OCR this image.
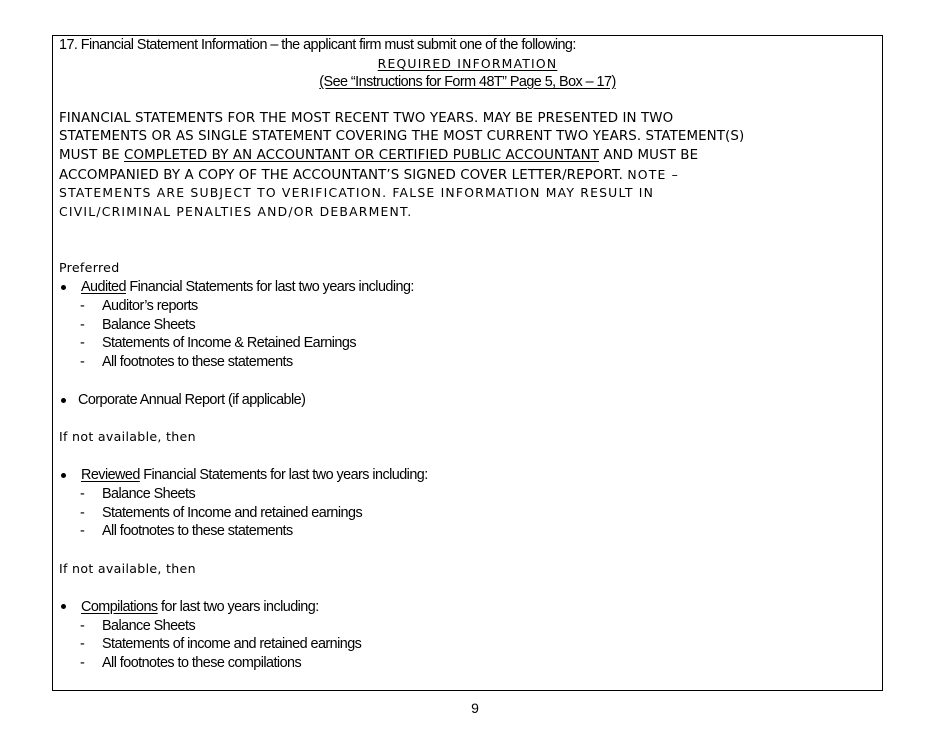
17. Financial Statement Information – the applicant firm must submit one of the following:
REQUIRED INFORMATION
(See “Instructions for Form 48T” Page 5, Box – 17)
FINANCIAL STATEMENTS FOR THE MOST RECENT TWO YEARS. MAY BE PRESENTED IN TWO
STATEMENTS OR AS SINGLE STATEMENT COVERING THE MOST CURRENT TWO YEARS. STATEMENT(S)
MUST BE COMPLETED BY AN ACCOUNTANT OR CERTIFIED PUBLIC ACCOUNTANT AND MUST BE
ACCOMPANIED BY A COPY OF THE ACCOUNTANT’S SIGNED COVER LETTER/REPORT. NOTE –
STATEMENTS ARE SUBJECT TO VERIFICATION. FALSE INFORMATION MAY RESULT IN
CIVIL/CRIMINAL PENALTIES AND/OR DEBARMENT.
Preferred
Audited Financial Statements for last two years including:
- Auditor’s reports
- Balance Sheets
- Statements of Income & Retained Earnings
- All footnotes to these statements
Corporate Annual Report (if applicable)
If not available, then
Reviewed Financial Statements for last two years including:
- Balance Sheets
- Statements of Income and retained earnings
- All footnotes to these statements
If not available, then
Compilations for last two years including:
- Balance Sheets
- Statements of income and retained earnings
- All footnotes to these compilations
9
